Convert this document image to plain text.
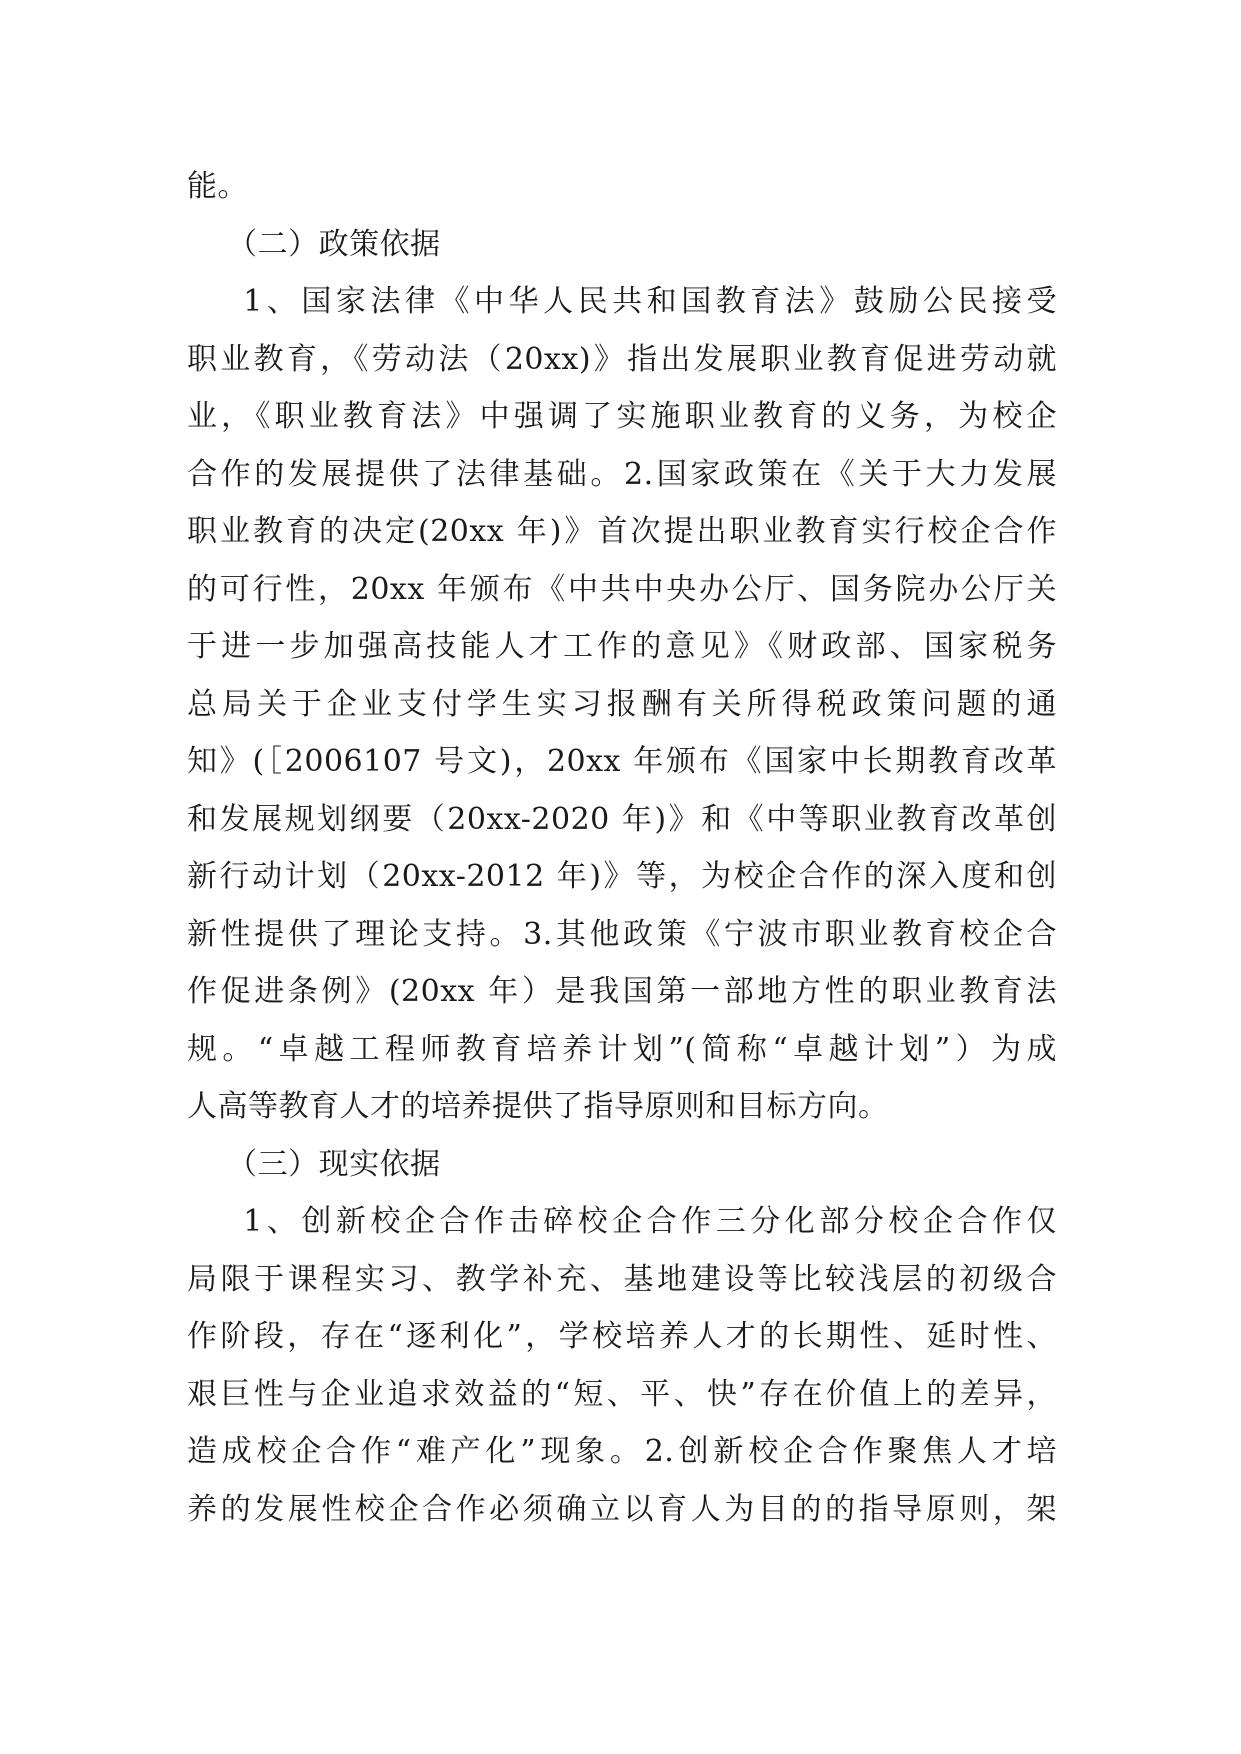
能。
（二）政策依据
1、国家法律《中华人民共和国教育法》鼓励公民接受
职业教育，《劳动法（20xx)》指出发展职业教育促进劳动就
业，《职业教育法》中强调了实施职业教育的义务，为校企
合作的发展提供了法律基础。2.国家政策在《关于大力发展
职业教育的决定(20xx 年)》首次提出职业教育实行校企合作
的可行性，20xx 年颁布《中共中央办公厅、国务院办公厅关
于进一步加强高技能人才工作的意见》《财政部、国家税务
总局关于企业支付学生实习报酬有关所得税政策问题的通
知》(［2006107 号文)，20xx 年颁布《国家中长期教育改革
和发展规划纲要（20xx-2020 年)》和《中等职业教育改革创
新行动计划（20xx-2012 年)》等，为校企合作的深入度和创
新性提供了理论支持。3.其他政策《宁波市职业教育校企合
作促进条例》(20xx 年）是我国第一部地方性的职业教育法
规。“卓越工程师教育培养计划”(简称“卓越计划”）为成
人高等教育人才的培养提供了指导原则和目标方向。
（三）现实依据
1、创新校企合作击碎校企合作三分化部分校企合作仅
局限于课程实习、教学补充、基地建设等比较浅层的初级合
作阶段，存在“逐利化”，学校培养人才的长期性、延时性、
艰巨性与企业追求效益的“短、平、快”存在价值上的差异，
造成校企合作“难产化”现象。2.创新校企合作聚焦人才培
养的发展性校企合作必须确立以育人为目的的指导原则，架
